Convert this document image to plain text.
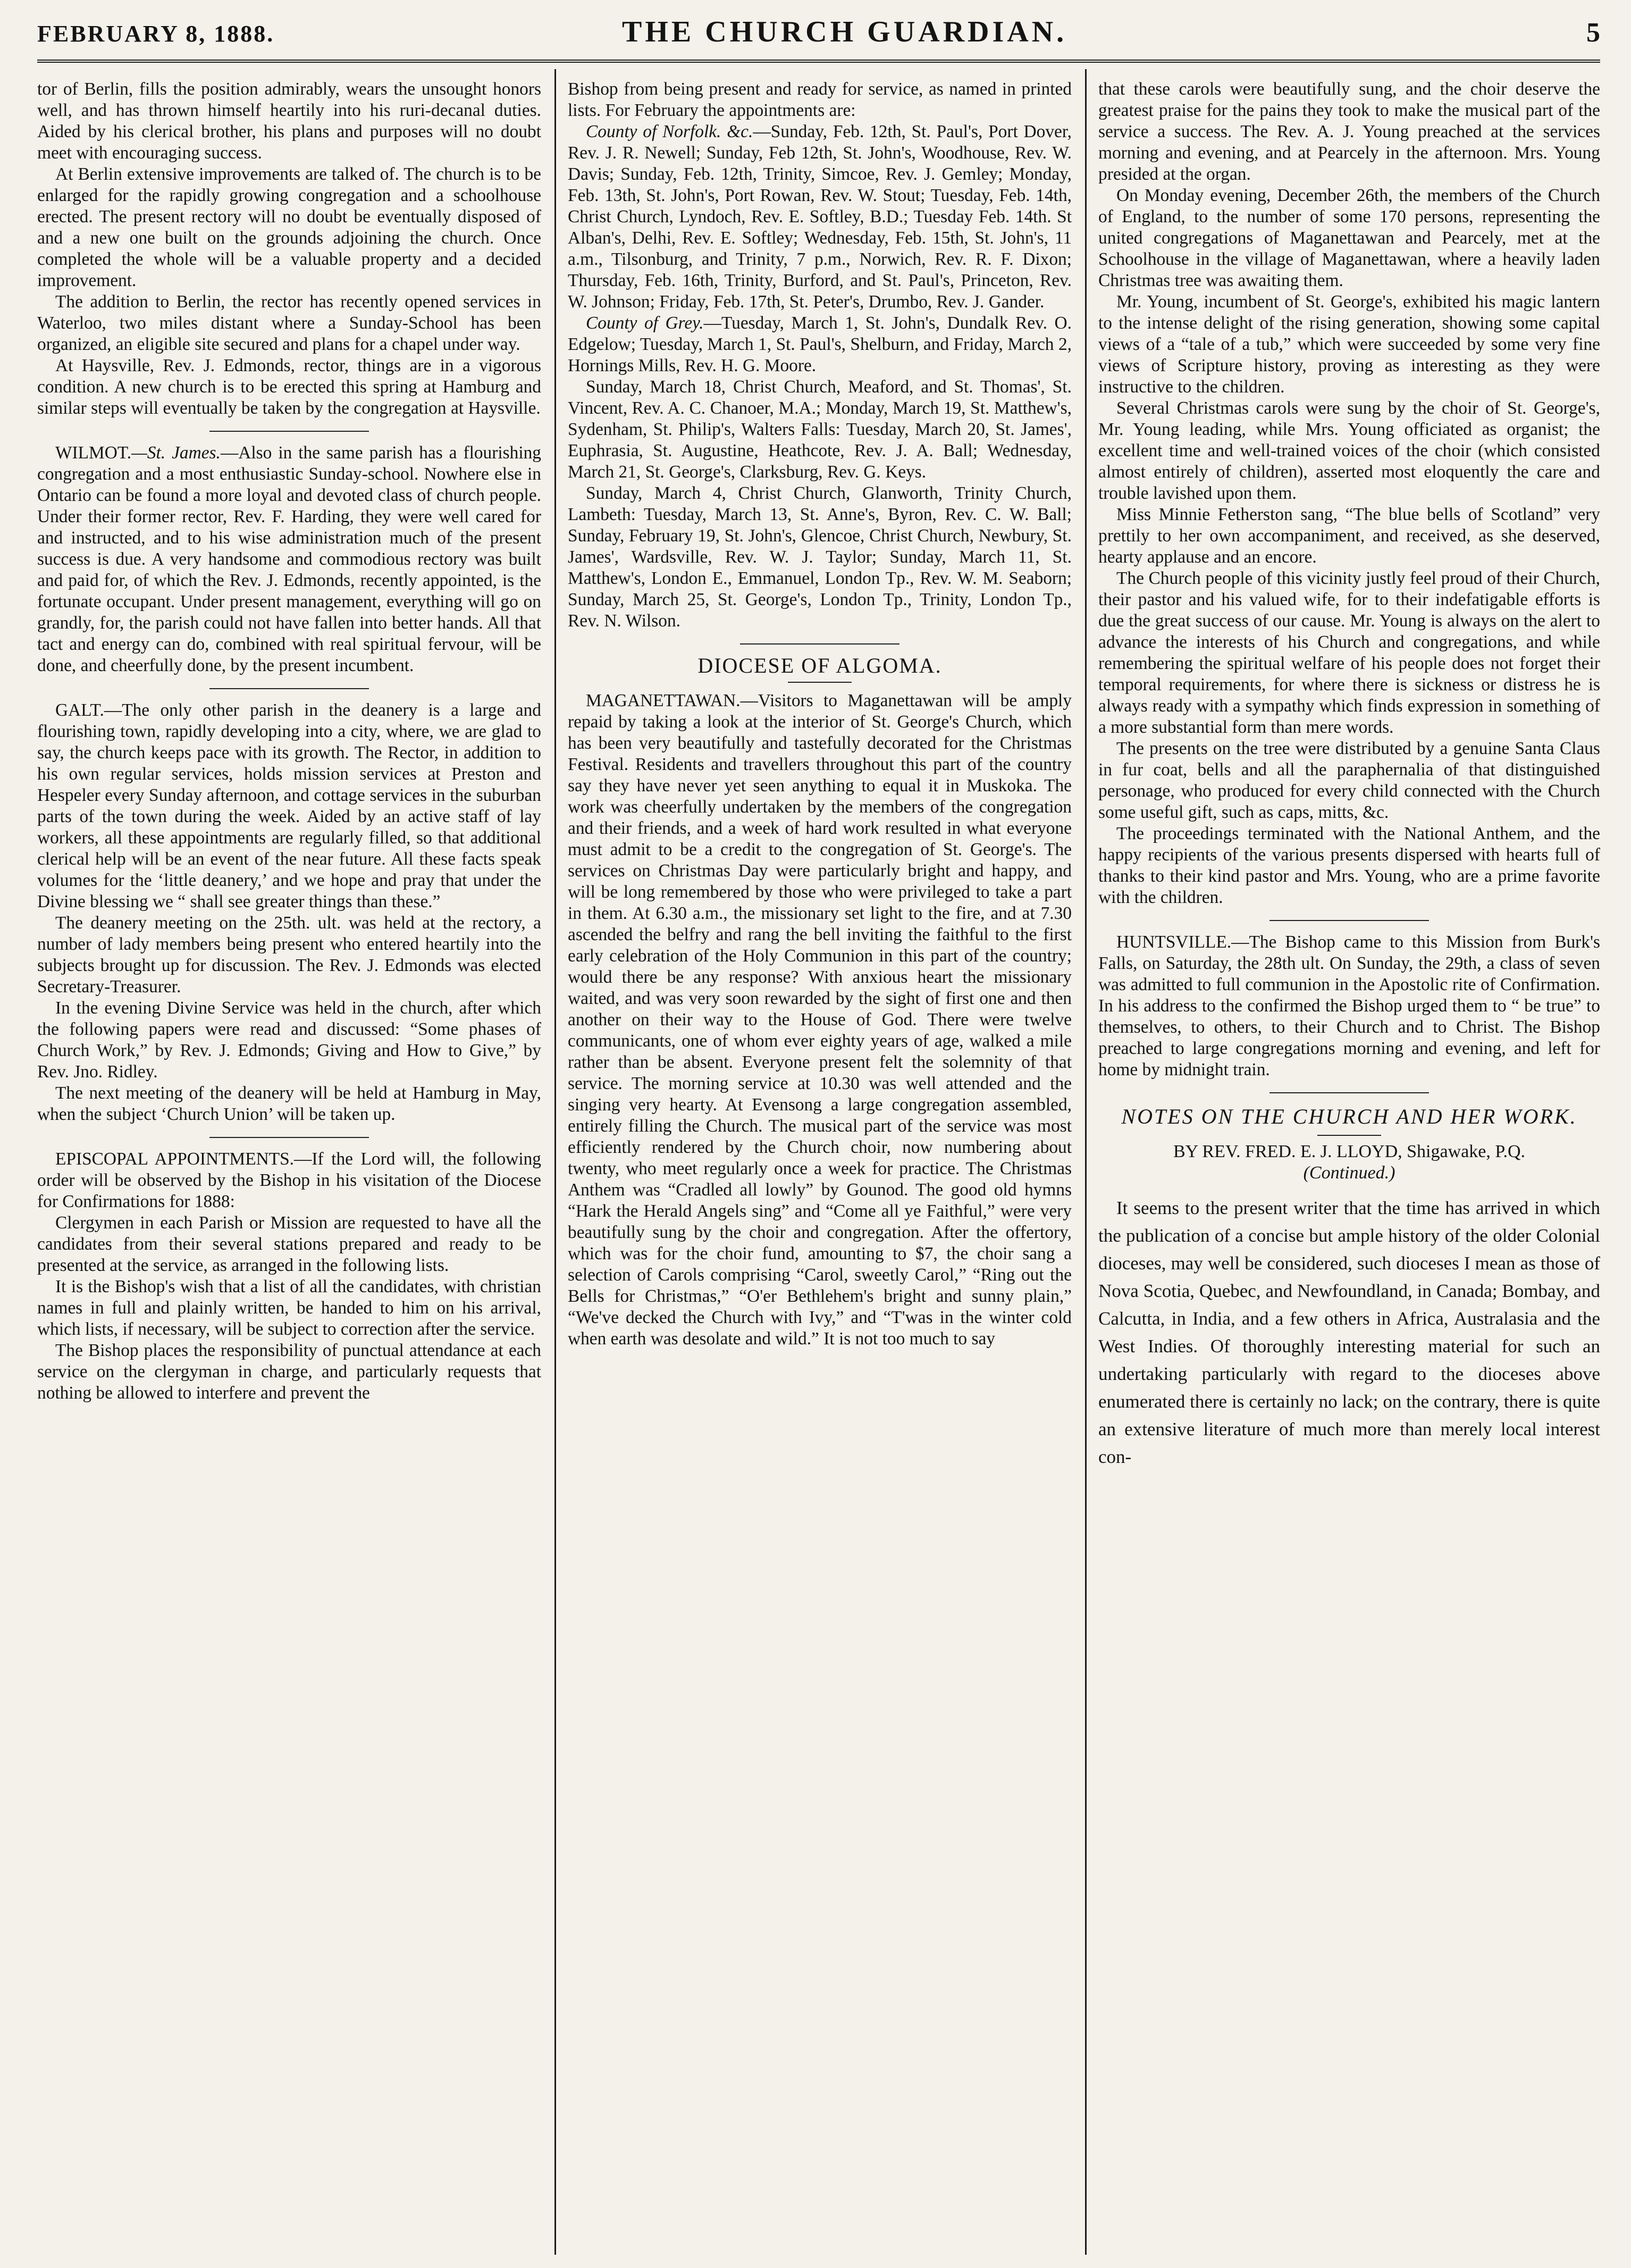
FEBRUARY 8, 1888.	THE CHURCH GUARDIAN.	5

tor of Berlin, fills the position admirably, wears the unsought honors well, and has thrown himself heartily into his ruri-decanal duties. Aided by his clerical brother, his plans and purposes will no doubt meet with encouraging success.

At Berlin extensive improvements are talked of. The church is to be enlarged for the rapidly growing congregation and a schoolhouse erected. The present rectory will no doubt be eventually disposed of and a new one built on the grounds adjoining the church. Once completed the whole will be a valuable property and a decided improvement.

The addition to Berlin, the rector has recently opened services in Waterloo, two miles distant where a Sunday-School has been organized, an eligible site secured and plans for a chapel under way.

At Haysville, Rev. J. Edmonds, rector, things are in a vigorous condition. A new church is to be erected this spring at Hamburg and similar steps will eventually be taken by the congregation at Haysville.

WILMOT.—St. James.—Also in the same parish has a flourishing congregation and a most enthusiastic Sunday-school. Nowhere else in Ontario can be found a more loyal and devoted class of church people. Under their former rector, Rev. F. Harding, they were well cared for and instructed, and to his wise administration much of the present success is due. A very handsome and commodious rectory was built and paid for, of which the Rev. J. Edmonds, recently appointed, is the fortunate occupant. Under present management, everything will go on grandly, for, the parish could not have fallen into better hands. All that tact and energy can do, combined with real spiritual fervour, will be done, and cheerfully done, by the present incumbent.

GALT.—The only other parish in the deanery is a large and flourishing town, rapidly developing into a city, where, we are glad to say, the church keeps pace with its growth. The Rector, in addition to his own regular services, holds mission services at Preston and Hespeler every Sunday afternoon, and cottage services in the suburban parts of the town during the week. Aided by an active staff of lay workers, all these appointments are regularly filled, so that additional clerical help will be an event of the near future. All these facts speak volumes for the ‘little deanery,’ and we hope and pray that under the Divine blessing we “ shall see greater things than these.”

The deanery meeting on the 25th. ult. was held at the rectory, a number of lady members being present who entered heartily into the subjects brought up for discussion. The Rev. J. Edmonds was elected Secretary-Treasurer.

In the evening Divine Service was held in the church, after which the following papers were read and discussed: “Some phases of Church Work,” by Rev. J. Edmonds; Giving and How to Give,” by Rev. Jno. Ridley.

The next meeting of the deanery will be held at Hamburg in May, when the subject ‘Church Union’ will be taken up.

EPISCOPAL APPOINTMENTS.—If the Lord will, the following order will be observed by the Bishop in his visitation of the Diocese for Confirmations for 1888:

Clergymen in each Parish or Mission are requested to have all the candidates from their several stations prepared and ready to be presented at the service, as arranged in the following lists.

It is the Bishop's wish that a list of all the candidates, with christian names in full and plainly written, be handed to him on his arrival, which lists, if necessary, will be subject to correction after the service.

The Bishop places the responsibility of punctual attendance at each service on the clergyman in charge, and particularly requests that nothing be allowed to interfere and prevent the

Bishop from being present and ready for service, as named in printed lists. For February the appointments are:

County of Norfolk. &c.—Sunday, Feb. 12th, St. Paul's, Port Dover, Rev. J. R. Newell; Sunday, Feb 12th, St. John's, Woodhouse, Rev. W. Davis; Sunday, Feb. 12th, Trinity, Simcoe, Rev. J. Gemley; Monday, Feb. 13th, St. John's, Port Rowan, Rev. W. Stout; Tuesday, Feb. 14th, Christ Church, Lyndoch, Rev. E. Softley, B.D.; Tuesday Feb. 14th. St Alban's, Delhi, Rev. E. Softley; Wednesday, Feb. 15th, St. John's, 11 a.m., Tilsonburg, and Trinity, 7 p.m., Norwich, Rev. R. F. Dixon; Thursday, Feb. 16th, Trinity, Burford, and St. Paul's, Princeton, Rev. W. Johnson; Friday, Feb. 17th, St. Peter's, Drumbo, Rev. J. Gander.

County of Grey.—Tuesday, March 1, St. John's, Dundalk Rev. O. Edgelow; Tuesday, March 1, St. Paul's, Shelburn, and Friday, March 2, Hornings Mills, Rev. H. G. Moore.

Sunday, March 18, Christ Church, Meaford, and St. Thomas', St. Vincent, Rev. A. C. Chanoer, M.A.; Monday, March 19, St. Matthew's, Sydenham, St. Philip's, Walters Falls: Tuesday, March 20, St. James', Euphrasia, St. Augustine, Heathcote, Rev. J. A. Ball; Wednesday, March 21, St. George's, Clarksburg, Rev. G. Keys.

Sunday, March 4, Christ Church, Glanworth, Trinity Church, Lambeth: Tuesday, March 13, St. Anne's, Byron, Rev. C. W. Ball; Sunday, February 19, St. John's, Glencoe, Christ Church, Newbury, St. James', Wardsville, Rev. W. J. Taylor; Sunday, March 11, St. Matthew's, London E., Emmanuel, London Tp., Rev. W. M. Seaborn; Sunday, March 25, St. George's, London Tp., Trinity, London Tp., Rev. N. Wilson.

DIOCESE OF ALGOMA.

MAGANETTAWAN.—Visitors to Maganettawan will be amply repaid by taking a look at the interior of St. George's Church, which has been very beautifully and tastefully decorated for the Christmas Festival. Residents and travellers throughout this part of the country say they have never yet seen anything to equal it in Muskoka. The work was cheerfully undertaken by the members of the congregation and their friends, and a week of hard work resulted in what everyone must admit to be a credit to the congregation of St. George's. The services on Christmas Day were particularly bright and happy, and will be long remembered by those who were privileged to take a part in them. At 6.30 a.m., the missionary set light to the fire, and at 7.30 ascended the belfry and rang the bell inviting the faithful to the first early celebration of the Holy Communion in this part of the country; would there be any response? With anxious heart the missionary waited, and was very soon rewarded by the sight of first one and then another on their way to the House of God. There were twelve communicants, one of whom ever eighty years of age, walked a mile rather than be absent. Everyone present felt the solemnity of that service. The morning service at 10.30 was well attended and the singing very hearty. At Evensong a large congregation assembled, entirely filling the Church. The musical part of the service was most efficiently rendered by the Church choir, now numbering about twenty, who meet regularly once a week for practice. The Christmas Anthem was “Cradled all lowly” by Gounod. The good old hymns “Hark the Herald Angels sing” and “Come all ye Faithful,” were very beautifully sung by the choir and congregation. After the offertory, which was for the choir fund, amounting to $7, the choir sang a selection of Carols comprising “Carol, sweetly Carol,” “Ring out the Bells for Christmas,” “O'er Bethlehem's bright and sunny plain,” “We've decked the Church with Ivy,” and “T'was in the winter cold when earth was desolate and wild.” It is not too much to say

that these carols were beautifully sung, and the choir deserve the greatest praise for the pains they took to make the musical part of the service a success. The Rev. A. J. Young preached at the services morning and evening, and at Pearcely in the afternoon. Mrs. Young presided at the organ.

On Monday evening, December 26th, the members of the Church of England, to the number of some 170 persons, representing the united congregations of Maganettawan and Pearcely, met at the Schoolhouse in the village of Maganettawan, where a heavily laden Christmas tree was awaiting them.

Mr. Young, incumbent of St. George's, exhibited his magic lantern to the intense delight of the rising generation, showing some capital views of a “tale of a tub,” which were succeeded by some very fine views of Scripture history, proving as interesting as they were instructive to the children.

Several Christmas carols were sung by the choir of St. George's, Mr. Young leading, while Mrs. Young officiated as organist; the excellent time and well-trained voices of the choir (which consisted almost entirely of children), asserted most eloquently the care and trouble lavished upon them.

Miss Minnie Fetherston sang, “The blue bells of Scotland” very prettily to her own accompaniment, and received, as she deserved, hearty applause and an encore.

The Church people of this vicinity justly feel proud of their Church, their pastor and his valued wife, for to their indefatigable efforts is due the great success of our cause. Mr. Young is always on the alert to advance the interests of his Church and congregations, and while remembering the spiritual welfare of his people does not forget their temporal requirements, for where there is sickness or distress he is always ready with a sympathy which finds expression in something of a more substantial form than mere words.

The presents on the tree were distributed by a genuine Santa Claus in fur coat, bells and all the paraphernalia of that distinguished personage, who produced for every child connected with the Church some useful gift, such as caps, mitts, &c.

The proceedings terminated with the National Anthem, and the happy recipients of the various presents dispersed with hearts full of thanks to their kind pastor and Mrs. Young, who are a prime favorite with the children.

HUNTSVILLE.—The Bishop came to this Mission from Burk's Falls, on Saturday, the 28th ult. On Sunday, the 29th, a class of seven was admitted to full communion in the Apostolic rite of Confirmation. In his address to the confirmed the Bishop urged them to “ be true” to themselves, to others, to their Church and to Christ. The Bishop preached to large congregations morning and evening, and left for home by midnight train.

NOTES ON THE CHURCH AND HER WORK.

BY REV. FRED. E. J. LLOYD, Shigawake, P.Q.

(Continued.)

It seems to the present writer that the time has arrived in which the publication of a concise but ample history of the older Colonial dioceses, may well be considered, such dioceses I mean as those of Nova Scotia, Quebec, and Newfoundland, in Canada; Bombay, and Calcutta, in India, and a few others in Africa, Australasia and the West Indies. Of thoroughly interesting material for such an undertaking particularly with regard to the dioceses above enumerated there is certainly no lack; on the contrary, there is quite an extensive literature of much more than merely local interest con-
